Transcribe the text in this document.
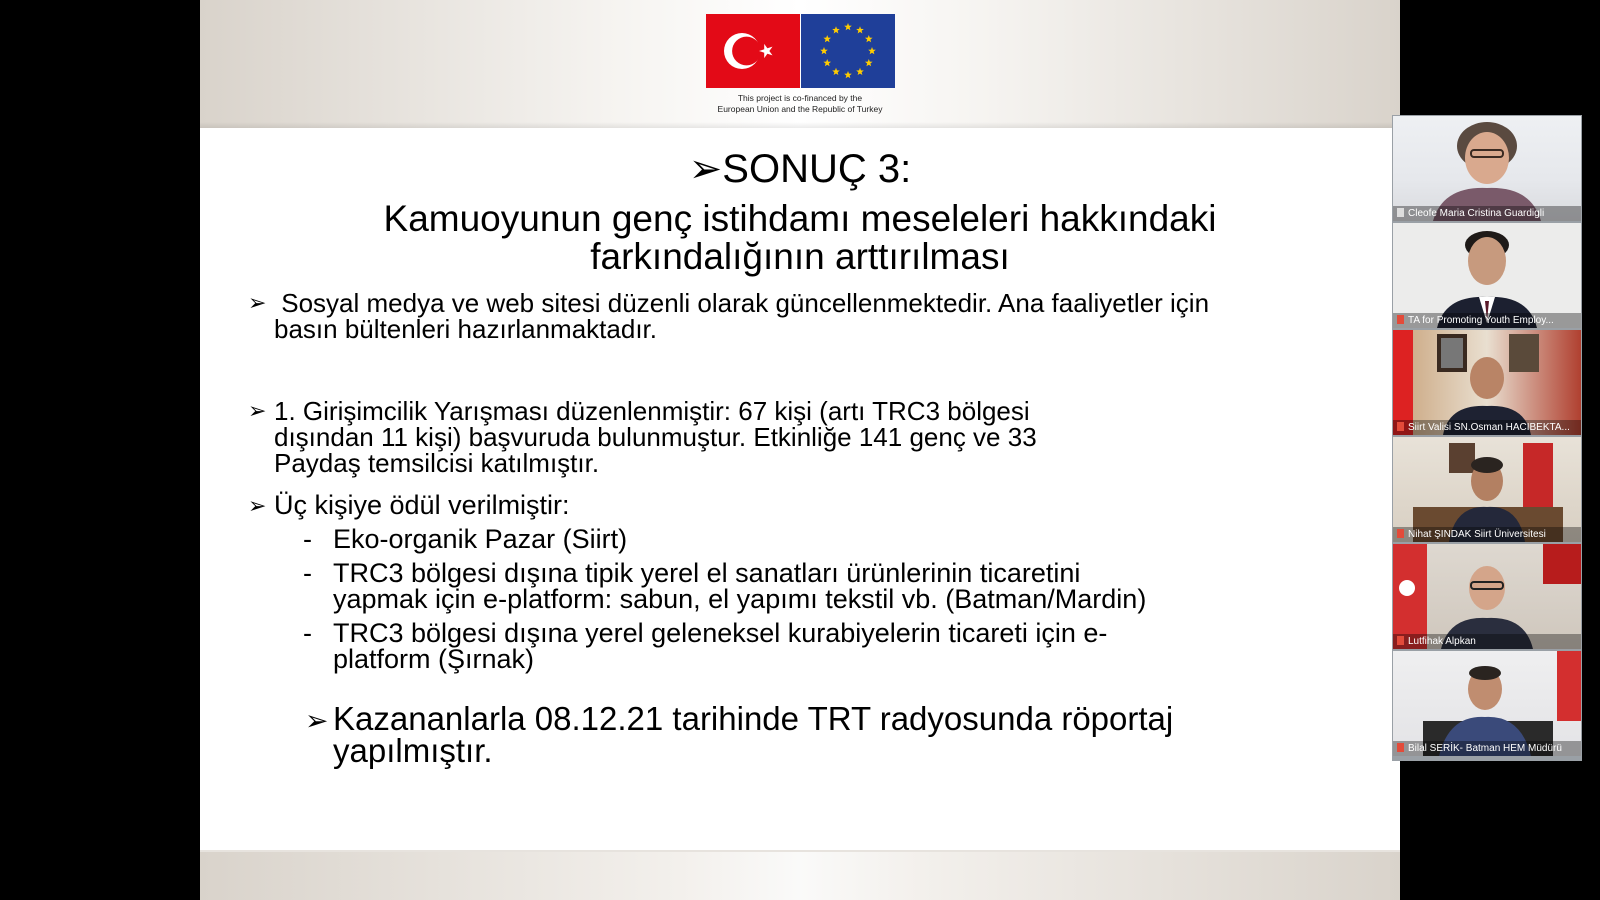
This project is co-financed by the
European Union and the Republic of Turkey
➢SONUÇ 3:
Kamuoyunun genç istihdamı meseleleri hakkındaki
farkındalığının arttırılması
➢ Sosyal medya ve web sitesi düzenli olarak güncellenmektedir. Ana faaliyetler için
basın bültenleri hazırlanmaktadır.
➢ 1. Girişimcilik Yarışması düzenlenmiştir: 67 kişi (artı TRC3 bölgesi
dışından 11 kişi) başvuruda bulunmuştur. Etkinliğe 141 genç ve 33
Paydaş temsilcisi katılmıştır.
➢ Üç kişiye ödül verilmiştir:
- Eko-organik Pazar (Siirt)
- TRC3 bölgesi dışına tipik yerel el sanatları ürünlerinin ticaretini
yapmak için e-platform: sabun, el yapımı tekstil vb. (Batman/Mardin)
- TRC3 bölgesi dışına yerel geleneksel kurabiyelerin ticareti için e-
platform (Şırnak)
➢ Kazananlarla 08.12.21 tarihinde TRT radyosunda röportaj
yapılmıştır.
Cleofe Maria Cristina Guardigli
TA for Promoting Youth Employ...
Siirt Valisi SN.Osman HACIBEKTA...
Nihat ŞINDAK Siirt Üniversitesi
Lutfihak Alpkan
Bilal SERİK- Batman HEM Müdürü
